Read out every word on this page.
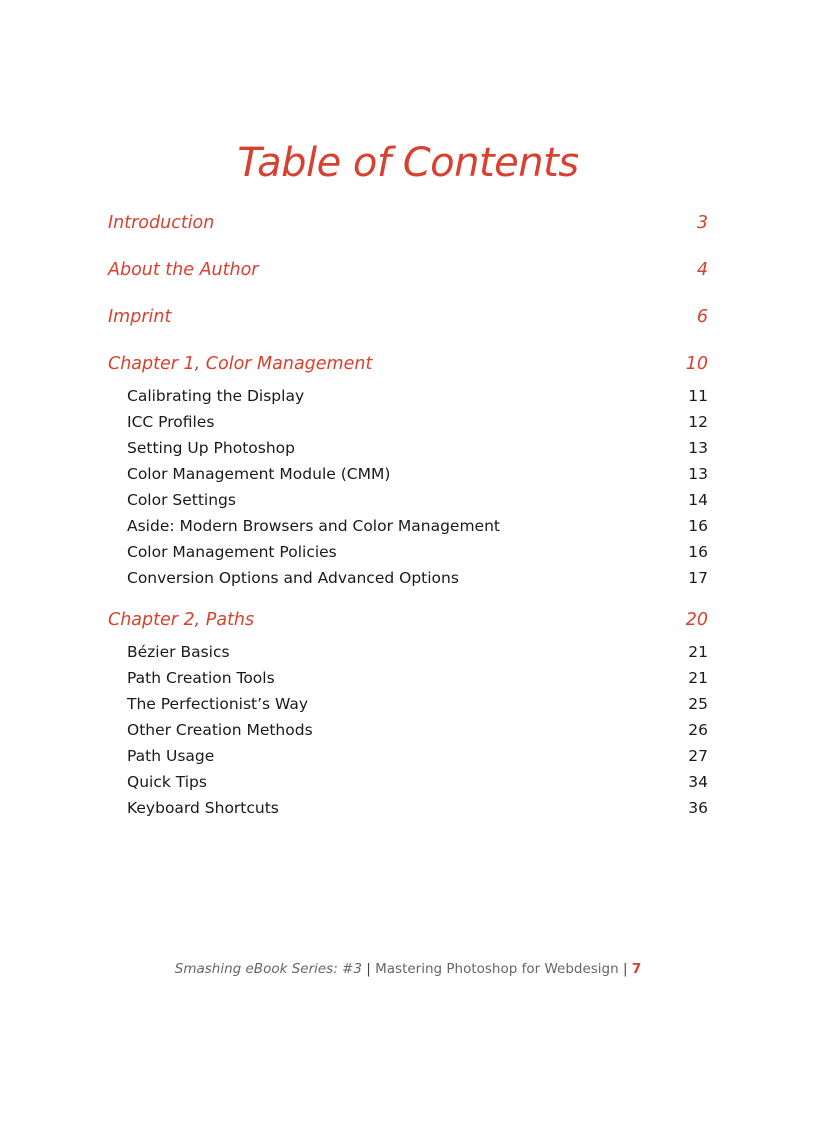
Table of Contents
Introduction	3
About the Author	4
Imprint	6
Chapter 1, Color Management	10
Calibrating the Display	11
ICC Profiles	12
Setting Up Photoshop	13
Color Management Module (CMM)	13
Color Settings	14
Aside: Modern Browsers and Color Management	16
Color Management Policies	16
Conversion Options and Advanced Options	17
Chapter 2, Paths	20
Bézier Basics	21
Path Creation Tools	21
The Perfectionist’s Way	25
Other Creation Methods	26
Path Usage	27
Quick Tips	34
Keyboard Shortcuts	36
Smashing eBook Series: #3 | Mastering Photoshop for Webdesign | 7
